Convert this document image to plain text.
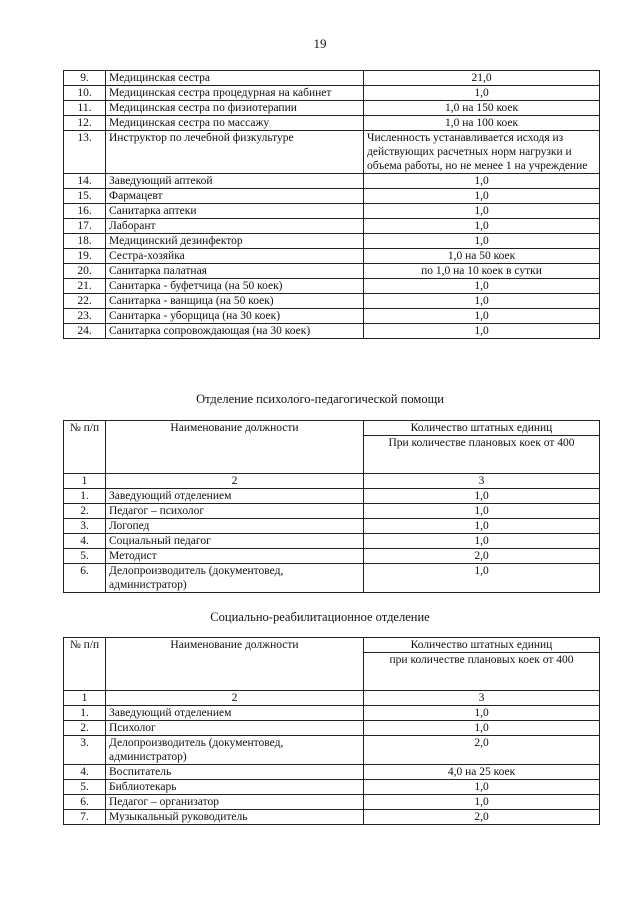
19
9.	Медицинская сестра	21,0
10.	Медицинская сестра процедурная на кабинет	1,0
11.	Медицинская сестра по физиотерапии	1,0 на 150 коек
12.	Медицинская сестра по массажу	1,0 на 100 коек
13.	Инструктор по лечебной физкультуре	Численность устанавливается исходя из действующих расчетных норм нагрузки и объема работы, но не менее 1 на учреждение
14.	Заведующий аптекой	1,0
15.	Фармацевт	1,0
16.	Санитарка аптеки	1,0
17.	Лаборант	1,0
18.	Медицинский дезинфектор	1,0
19.	Сестра-хозяйка	1,0 на 50 коек
20.	Санитарка палатная	по 1,0 на 10 коек в сутки
21.	Санитарка - буфетчица (на 50 коек)	1,0
22.	Санитарка - ванщица (на 50 коек)	1,0
23.	Санитарка - уборщица (на 30 коек)	1,0
24.	Санитарка сопровождающая (на 30 коек)	1,0
Отделение психолого-педагогической помощи
№ п/п	Наименование должности	Количество штатных единиц
		При количестве плановых коек от 400
1	2	3
1.	Заведующий отделением	1,0
2.	Педагог – психолог	1,0
3.	Логопед	1,0
4.	Социальный педагог	1,0
5.	Методист	2,0
6.	Делопроизводитель (документовед, администратор)	1,0
Социально-реабилитационное отделение
№ п/п	Наименование должности	Количество штатных единиц
		при количестве плановых коек от 400
1	2	3
1.	Заведующий отделением	1,0
2.	Психолог	1,0
3.	Делопроизводитель (документовед, администратор)	2,0
4.	Воспитатель	4,0 на 25 коек
5.	Библиотекарь	1,0
6.	Педагог – организатор	1,0
7.	Музыкальный руководитель	2,0
